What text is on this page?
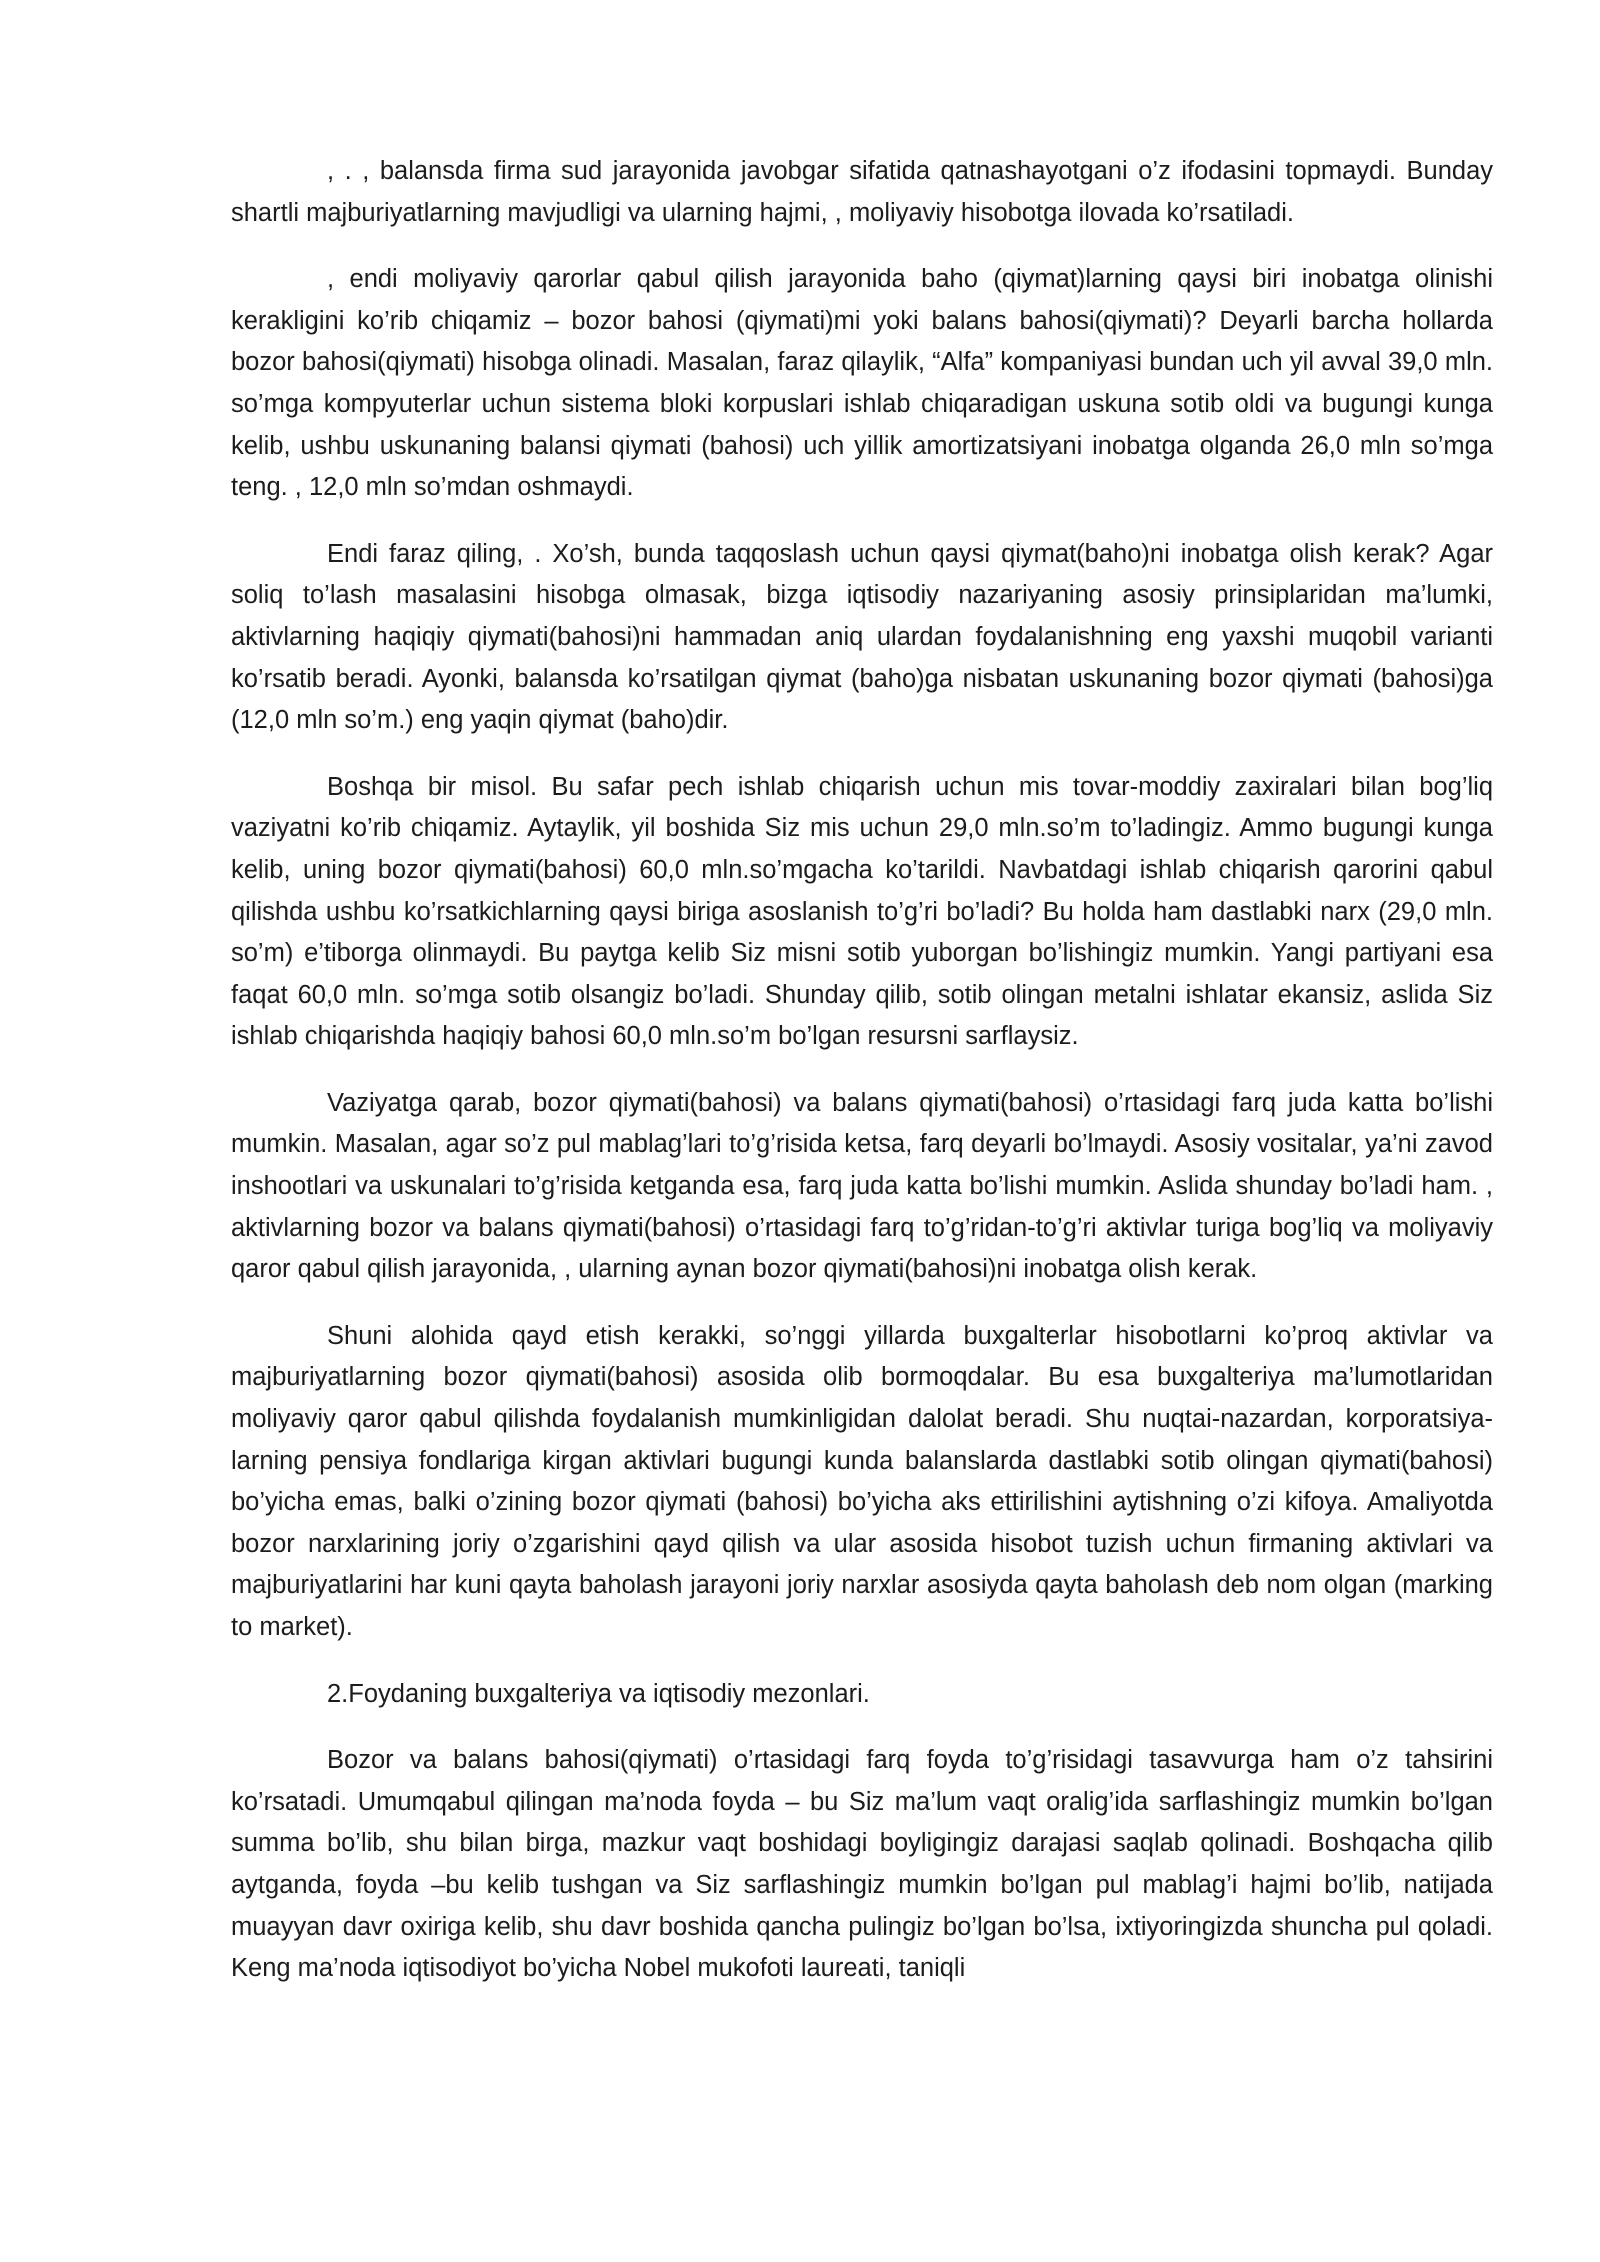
, . , balansda firma sud jarayonida javobgar sifatida qatnashayotgani o’z ifodasini topmaydi. Bunday shartli majburiyatlarning mavjudligi va ularning hajmi, , moliyaviy hisobotga ilovada ko’rsatiladi.

, endi moliyaviy qarorlar qabul qilish jarayonida baho (qiymat)larning qaysi biri inobatga olinishi kerakligini ko’rib chiqamiz – bozor bahosi (qiymati)mi yoki balans bahosi(qiymati)? Deyarli barcha hollarda bozor bahosi(qiymati) hisobga olinadi. Masalan, faraz qilaylik, “Alfa” kompaniyasi bundan uch yil avval 39,0 mln. so’mga kompyuterlar uchun sistema bloki korpuslari ishlab chiqaradigan uskuna sotib oldi va bugungi kunga kelib, ushbu uskunaning balansi qiymati (bahosi) uch yillik amortizatsiyani inobatga olganda 26,0 mln so’mga teng. , 12,0 mln so’mdan oshmaydi.

Endi faraz qiling, . Xo’sh, bunda taqqoslash uchun qaysi qiymat(baho)ni inobatga olish kerak? Agar soliq to’lash masalasini hisobga olmasak, bizga iqtisodiy nazariyaning asosiy prinsiplaridan ma’lumki, aktivlarning haqiqiy qiymati(bahosi)ni hammadan aniq ulardan foydalanishning eng yaxshi muqobil varianti ko’rsatib beradi. Ayonki, balansda ko’rsatilgan qiymat (baho)ga nisbatan uskunaning bozor qiymati (bahosi)ga (12,0 mln so’m.) eng yaqin qiymat (baho)dir.

Boshqa bir misol. Bu safar pech ishlab chiqarish uchun mis tovar-moddiy zaxiralari bilan bog’liq vaziyatni ko’rib chiqamiz. Aytaylik, yil boshida Siz mis uchun 29,0 mln.so’m to’ladingiz. Ammo bugungi kunga kelib, uning bozor qiymati(bahosi) 60,0 mln.so’mgacha ko’tarildi. Navbatdagi ishlab chiqarish qarorini qabul qilishda ushbu ko’rsatkichlarning qaysi biriga asoslanish to’g’ri bo’ladi? Bu holda ham dastlabki narx (29,0 mln. so’m) e’tiborga olinmaydi. Bu paytga kelib Siz misni sotib yuborgan bo’lishingiz mumkin. Yangi partiyani esa faqat 60,0 mln. so’mga sotib olsangiz bo’ladi. Shunday qilib, sotib olingan metalni ishlatar ekansiz, aslida Siz ishlab chiqarishda haqiqiy bahosi 60,0 mln.so’m bo’lgan resursni sarflaysiz.

Vaziyatga qarab, bozor qiymati(bahosi) va balans qiymati(bahosi) o’rtasidagi farq juda katta bo’lishi mumkin. Masalan, agar so’z pul mablag’lari to’g’risida ketsa, farq deyarli bo’lmaydi. Asosiy vositalar, ya’ni zavod inshootlari va uskunalari to’g’risida ketganda esa, farq juda katta bo’lishi mumkin. Aslida shunday bo’ladi ham. , aktivlarning bozor va balans qiymati(bahosi) o’rtasidagi farq to’g’ridan-to’g’ri aktivlar turiga bog’liq va moliyaviy qaror qabul qilish jarayonida, , ularning aynan bozor qiymati(bahosi)ni inobatga olish kerak.

Shuni alohida qayd etish kerakki, so’nggi yillarda buxgalterlar hisobotlarni ko’proq aktivlar va majburiyatlarning bozor qiymati(bahosi) asosida olib bormoqdalar. Bu esa buxgalteriya ma’lumotlaridan moliyaviy qaror qabul qilishda foydalanish mumkinligidan dalolat beradi. Shu nuqtai-nazardan, korporatsiya-larning pensiya fondlariga kirgan aktivlari bugungi kunda balanslarda dastlabki sotib olingan qiymati(bahosi) bo’yicha emas, balki o’zining bozor qiymati (bahosi) bo’yicha aks ettirilishini aytishning o’zi kifoya. Amaliyotda bozor narxlarining joriy o’zgarishini qayd qilish va ular asosida hisobot tuzish uchun firmaning aktivlari va majburiyatlarini har kuni qayta baholash jarayoni joriy narxlar asosiyda qayta baholash deb nom olgan (marking to market).

2.Foydaning buxgalteriya va iqtisodiy mezonlari.

Bozor va balans bahosi(qiymati) o’rtasidagi farq foyda to’g’risidagi tasavvurga ham o’z tahsirini ko’rsatadi. Umumqabul qilingan ma’noda foyda – bu Siz ma’lum vaqt oralig’ida sarflashingiz mumkin bo’lgan summa bo’lib, shu bilan birga, mazkur vaqt boshidagi boyligingiz darajasi saqlab qolinadi. Boshqacha qilib aytganda, foyda –bu kelib tushgan va Siz sarflashingiz mumkin bo’lgan pul mablag’i hajmi bo’lib, natijada muayyan davr oxiriga kelib, shu davr boshida qancha pulingiz bo’lgan bo’lsa, ixtiyoringizda shuncha pul qoladi. Keng ma’noda iqtisodiyot bo’yicha Nobel mukofoti laureati, taniqli
